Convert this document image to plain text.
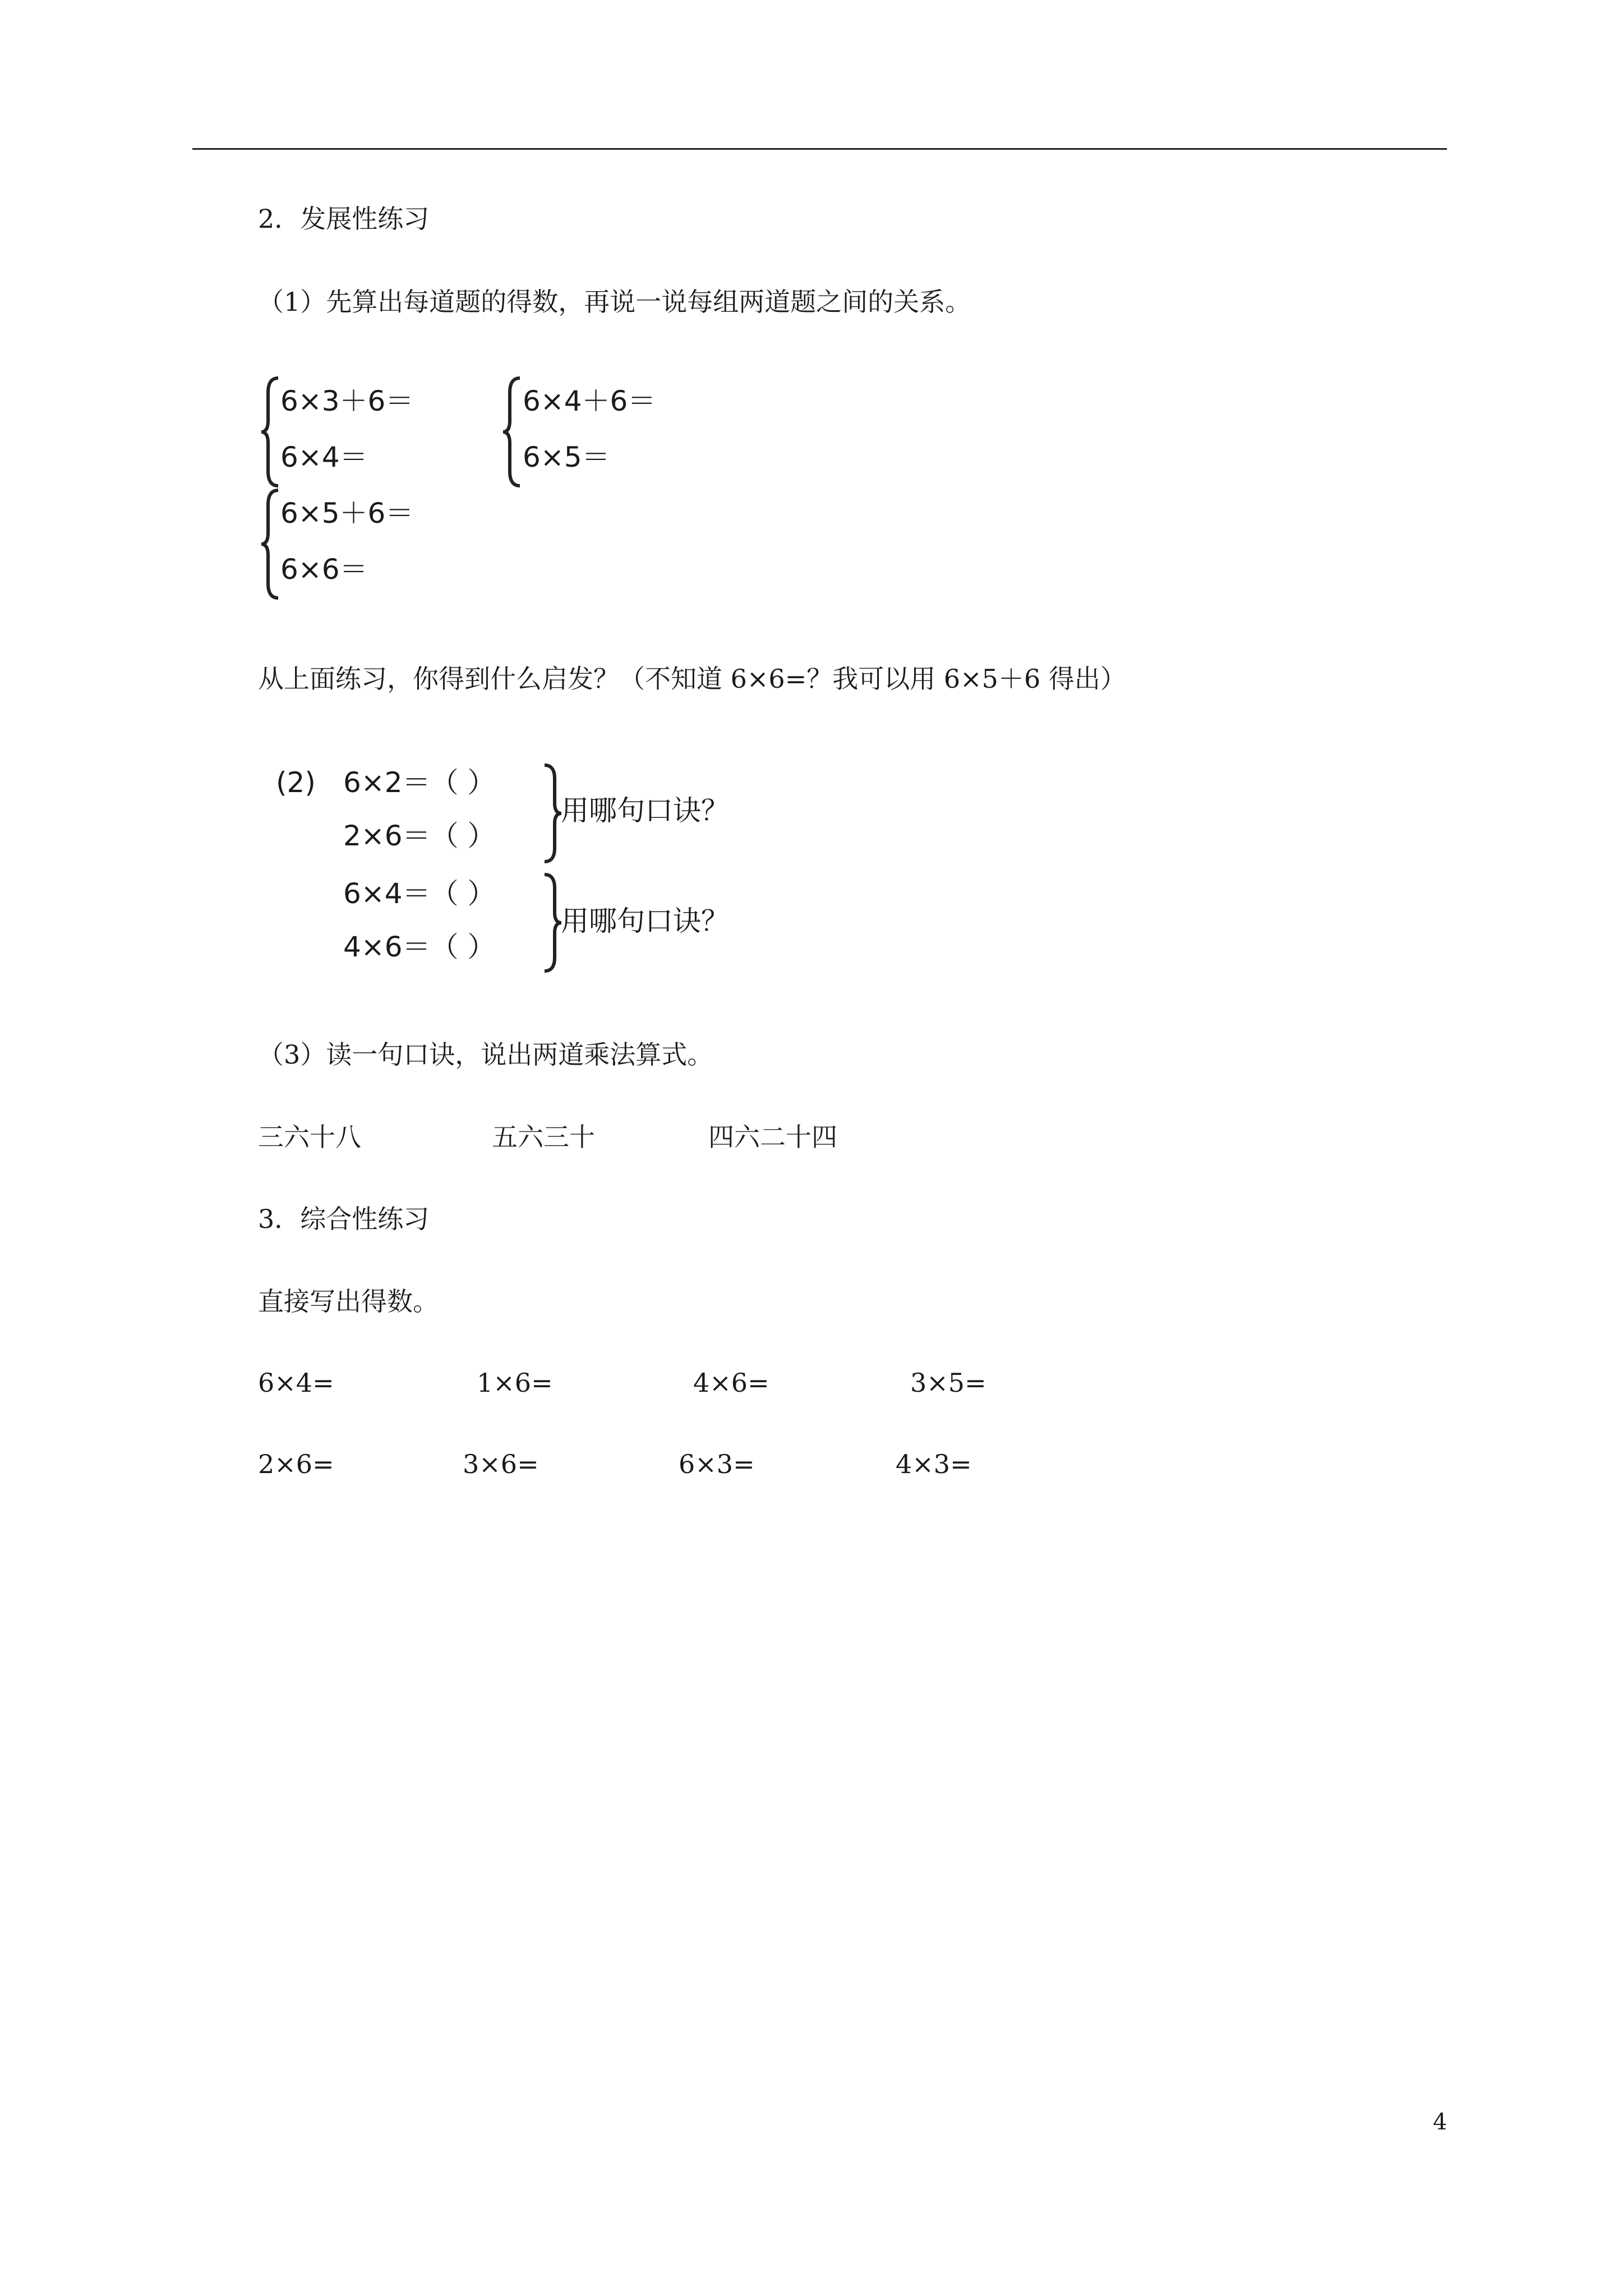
2．发展性练习
（1）先算出每道题的得数，再说一说每组两道题之间的关系。
6×3＋6＝
6×4＝
6×4＋6＝
6×5＝
6×5＋6＝
6×6＝
从上面练习，你得到什么启发？（不知道 6×6=？我可以用 6×5＋6 得出）
(2) 6×2＝（ ）
2×6＝（ ）
6×4＝（ ）
4×6＝（ ）
用哪句口诀？
用哪句口诀？
（3）读一句口诀，说出两道乘法算式。
三六十八	五六三十	四六二十四
3．综合性练习
直接写出得数。
6×4=	1×6=	4×6=	3×5=
2×6=	3×6=	6×3=	4×3=
4
